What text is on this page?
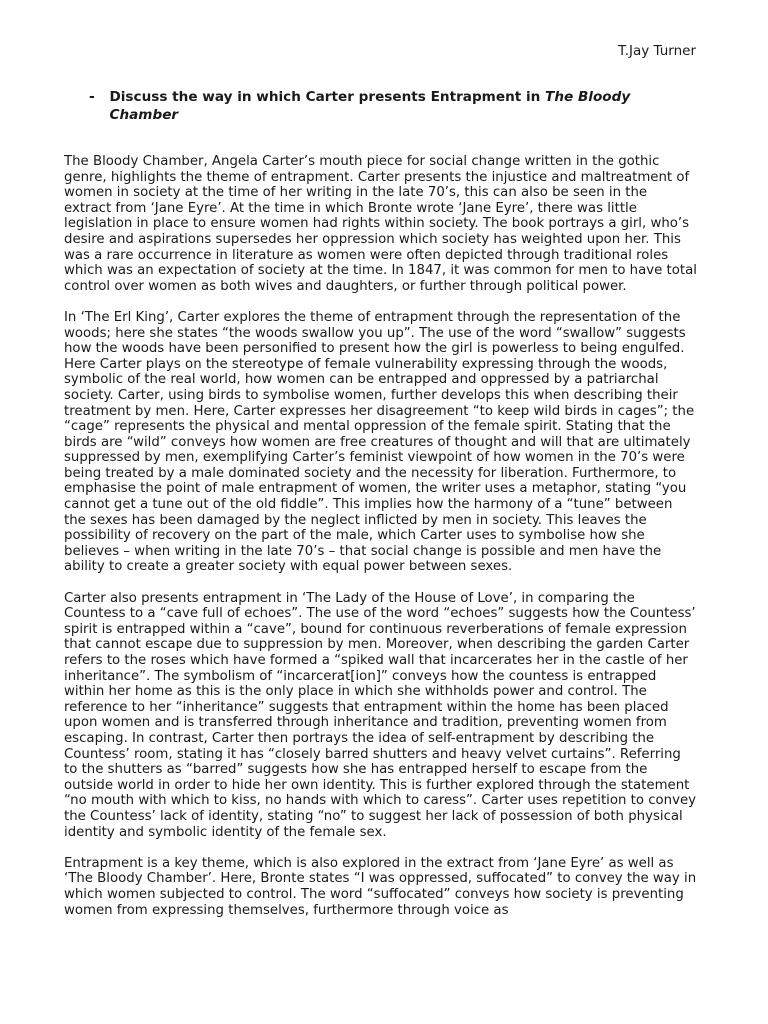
T.Jay Turner
-	Discuss the way in which Carter presents Entrapment in The Bloody Chamber

The Bloody Chamber, Angela Carter’s mouth piece for social change written in the gothic genre, highlights the theme of entrapment. Carter presents the injustice and maltreatment of women in society at the time of her writing in the late 70’s, this can also be seen in the extract from ‘Jane Eyre’. At the time in which Bronte wrote ‘Jane Eyre’, there was little legislation in place to ensure women had rights within society. The book portrays a girl, who’s desire and aspirations supersedes her oppression which society has weighted upon her. This was a rare occurrence in literature as women were often depicted through traditional roles which was an expectation of society at the time. In 1847, it was common for men to have total control over women as both wives and daughters, or further through political power.

In ‘The Erl King’, Carter explores the theme of entrapment through the representation of the woods; here she states “the woods swallow you up”. The use of the word “swallow” suggests how the woods have been personified to present how the girl is powerless to being engulfed. Here Carter plays on the stereotype of female vulnerability expressing through the woods, symbolic of the real world, how women can be entrapped and oppressed by a patriarchal society. Carter, using birds to symbolise women, further develops this when describing their treatment by men. Here, Carter expresses her disagreement “to keep wild birds in cages”; the “cage” represents the physical and mental oppression of the female spirit. Stating that the birds are “wild” conveys how women are free creatures of thought and will that are ultimately suppressed by men, exemplifying Carter’s feminist viewpoint of how women in the 70’s were being treated by a male dominated society and the necessity for liberation. Furthermore, to emphasise the point of male entrapment of women, the writer uses a metaphor, stating “you cannot get a tune out of the old fiddle”. This implies how the harmony of a “tune” between the sexes has been damaged by the neglect inflicted by men in society. This leaves the possibility of recovery on the part of the male, which Carter uses to symbolise how she believes – when writing in the late 70’s – that social change is possible and men have the ability to create a greater society with equal power between sexes.

Carter also presents entrapment in ‘The Lady of the House of Love’, in comparing the Countess to a “cave full of echoes”. The use of the word “echoes” suggests how the Countess’ spirit is entrapped within a “cave”, bound for continuous reverberations of female expression that cannot escape due to suppression by men. Moreover, when describing the garden Carter refers to the roses which have formed a “spiked wall that incarcerates her in the castle of her inheritance”. The symbolism of “incarcerat[ion]” conveys how the countess is entrapped within her home as this is the only place in which she withholds power and control. The reference to her “inheritance” suggests that entrapment within the home has been placed upon women and is transferred through inheritance and tradition, preventing women from escaping. In contrast, Carter then portrays the idea of self-entrapment by describing the Countess’ room, stating it has “closely barred shutters and heavy velvet curtains”. Referring to the shutters as “barred” suggests how she has entrapped herself to escape from the outside world in order to hide her own identity. This is further explored through the statement “no mouth with which to kiss, no hands with which to caress”. Carter uses repetition to convey the Countess’ lack of identity, stating “no” to suggest her lack of possession of both physical identity and symbolic identity of the female sex.

Entrapment is a key theme, which is also explored in the extract from ‘Jane Eyre’ as well as ‘The Bloody Chamber’. Here, Bronte states “I was oppressed, suffocated” to convey the way in which women subjected to control. The word “suffocated” conveys how society is preventing women from expressing themselves, furthermore through voice as
